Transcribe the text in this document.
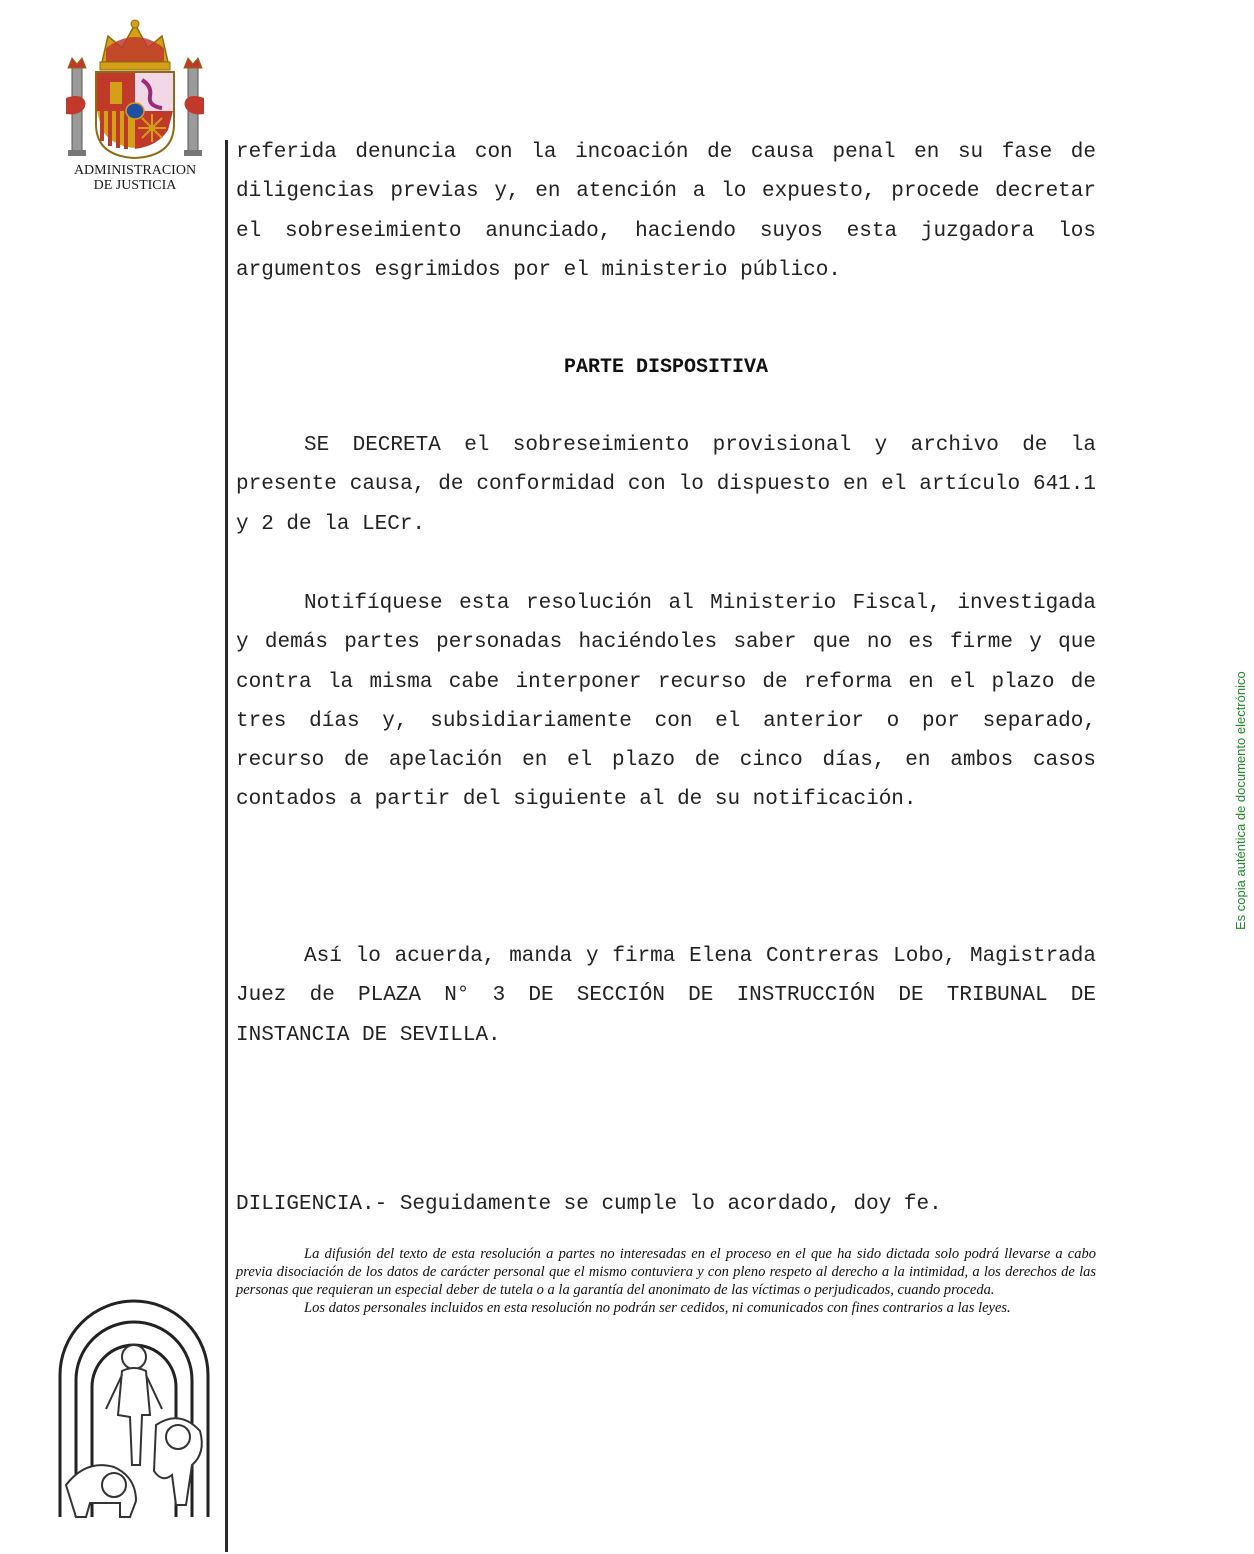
ADMINISTRACION
DE JUSTICIA

referida denuncia con la incoación de causa penal en su fase de diligencias previas y, en atención a lo expuesto, procede decretar el sobreseimiento anunciado, haciendo suyos esta juzgadora los argumentos esgrimidos por el ministerio público.

PARTE DISPOSITIVA

SE DECRETA el sobreseimiento provisional y archivo de la presente causa, de conformidad con lo dispuesto en el artículo 641.1 y 2 de la LECr.

Notifíquese esta resolución al Ministerio Fiscal, investigada y demás partes personadas haciéndoles saber que no es firme y que contra la misma cabe interponer recurso de reforma en el plazo de tres días y, subsidiariamente con el anterior o por separado, recurso de apelación en el plazo de cinco días, en ambos casos contados a partir del siguiente al de su notificación.

Así lo acuerda, manda y firma Elena Contreras Lobo, Magistrada Juez de PLAZA N° 3 DE SECCIÓN DE INSTRUCCIÓN DE TRIBUNAL DE INSTANCIA DE SEVILLA.

DILIGENCIA.- Seguidamente se cumple lo acordado, doy fe.

La difusión del texto de esta resolución a partes no interesadas en el proceso en el que ha sido dictada solo podrá llevarse a cabo previa disociación de los datos de carácter personal que el mismo contuviera y con pleno respeto al derecho a la intimidad, a los derechos de las personas que requieran un especial deber de tutela o a la garantía del anonimato de las víctimas o perjudicados, cuando proceda.

Los datos personales incluidos en esta resolución no podrán ser cedidos, ni comunicados con fines contrarios a las leyes.

Es copia auténtica de documento electrónico
